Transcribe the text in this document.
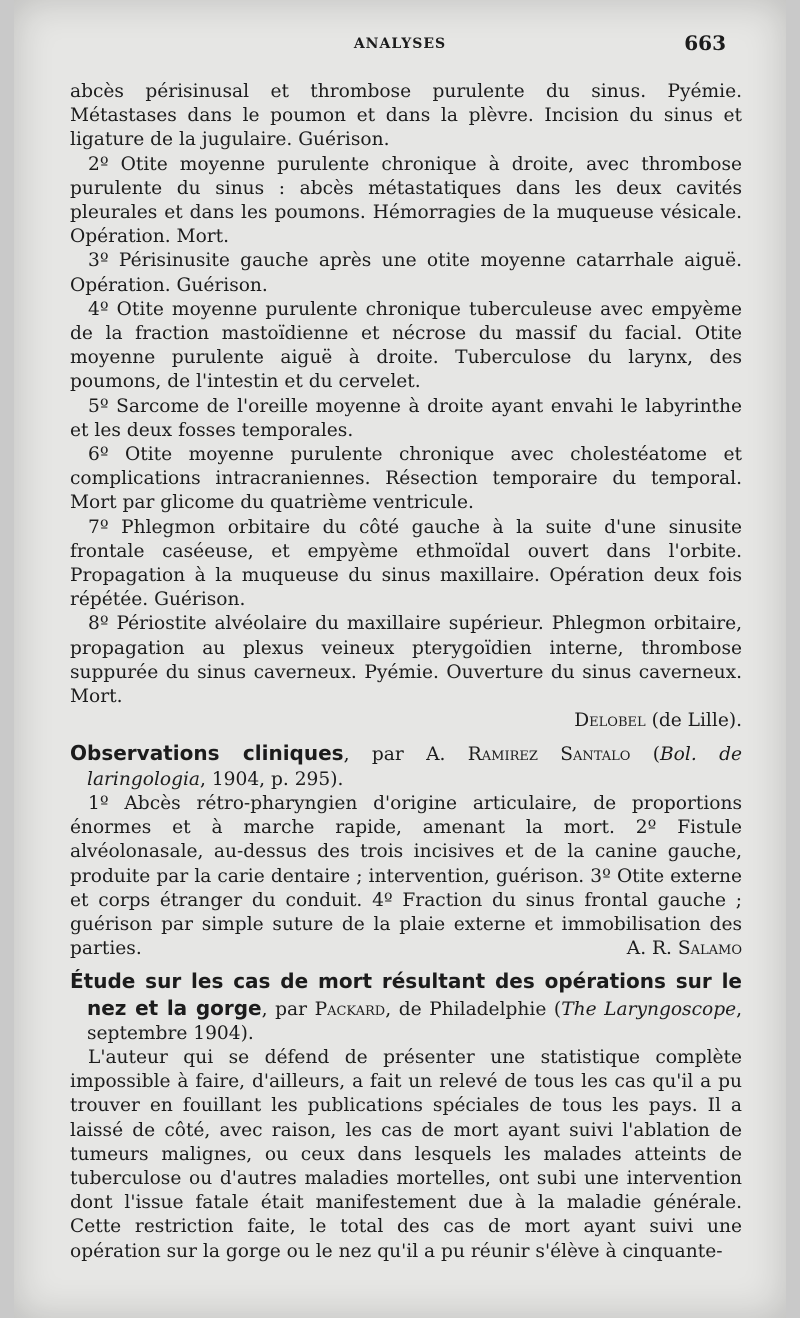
ANALYSES	663

abcès périsinusal et thrombose purulente du sinus. Pyémie. Métastases dans le poumon et dans la plèvre. Incision du sinus et ligature de la jugulaire. Guérison.

2º Otite moyenne purulente chronique à droite, avec thrombose purulente du sinus : abcès métastatiques dans les deux cavités pleurales et dans les poumons. Hémorragies de la muqueuse vésicale. Opération. Mort.

3º Périsinusite gauche après une otite moyenne catarrhale aiguë. Opération. Guérison.

4º Otite moyenne purulente chronique tuberculeuse avec empyème de la fraction mastoïdienne et nécrose du massif du facial. Otite moyenne purulente aiguë à droite. Tuberculose du larynx, des poumons, de l'intestin et du cervelet.

5º Sarcome de l'oreille moyenne à droite ayant envahi le labyrinthe et les deux fosses temporales.

6º Otite moyenne purulente chronique avec cholestéatome et complications intracraniennes. Résection temporaire du temporal. Mort par glicome du quatrième ventricule.

7º Phlegmon orbitaire du côté gauche à la suite d'une sinusite frontale caséeuse, et empyème ethmoïdal ouvert dans l'orbite. Propagation à la muqueuse du sinus maxillaire. Opération deux fois répétée. Guérison.

8º Périostite alvéolaire du maxillaire supérieur. Phlegmon orbitaire, propagation au plexus veineux pterygoïdien interne, thrombose suppurée du sinus caverneux. Pyémie. Ouverture du sinus caverneux. Mort.

Delobel
(de Lille).

Observations cliniques, par A. Ramirez Santalo (Bol. de laringologia, 1904, p. 295).

1º Abcès rétro-pharyngien d'origine articulaire, de proportions énormes et à marche rapide, amenant la mort. 2º Fistule alvéolonasale, au-dessus des trois incisives et de la canine gauche, produite par la carie dentaire ; intervention, guérison. 3º Otite externe et corps étranger du conduit. 4º Fraction du sinus frontal gauche ; guérison par simple suture de la plaie externe et immobilisation des parties.	A. R. Salamo

Étude sur les cas de mort résultant des opérations sur le nez et la gorge, par Packard, de Philadelphie (The Laryngoscope, septembre 1904).

L'auteur qui se défend de présenter une statistique complète impossible à faire, d'ailleurs, a fait un relevé de tous les cas qu'il a pu trouver en fouillant les publications spéciales de tous les pays. Il a laissé de côté, avec raison, les cas de mort ayant suivi l'ablation de tumeurs malignes, ou ceux dans lesquels les malades atteints de tuberculose ou d'autres maladies mortelles, ont subi une intervention dont l'issue fatale était manifestement due à la maladie générale. Cette restriction faite, le total des cas de mort ayant suivi une opération sur la gorge ou le nez qu'il a pu réunir s'élève à cinquante-
